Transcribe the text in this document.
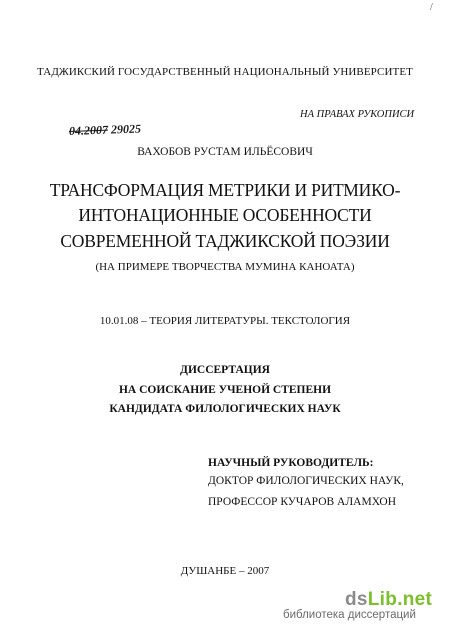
/
ТАДЖИКСКИЙ ГОСУДАРСТВЕННЫЙ НАЦИОНАЛЬНЫЙ УНИВЕРСИТЕТ
НА ПРАВАХ РУКОПИСИ
04.2007 29025
ВАХОБОВ РУСТАМ ИЛЬЁСОВИЧ
ТРАНСФОРМАЦИЯ МЕТРИКИ И РИТМИКО-
ИНТОНАЦИОННЫЕ ОСОБЕННОСТИ
СОВРЕМЕННОЙ ТАДЖИКСКОЙ ПОЭЗИИ
(НА ПРИМЕРЕ ТВОРЧЕСТВА МУМИНА КАНОАТА)
10.01.08 – ТЕОРИЯ ЛИТЕРАТУРЫ. ТЕКСТОЛОГИЯ
ДИССЕРТАЦИЯ
НА СОИСКАНИЕ УЧЕНОЙ СТЕПЕНИ
КАНДИДАТА ФИЛОЛОГИЧЕСКИХ НАУК
НАУЧНЫЙ РУКОВОДИТЕЛЬ:
ДОКТОР ФИЛОЛОГИЧЕСКИХ НАУК,
ПРОФЕССОР КУЧАРОВ АЛАМХОН
ДУШАНБЕ – 2007
dsLib.net
библиотека диссертаций
